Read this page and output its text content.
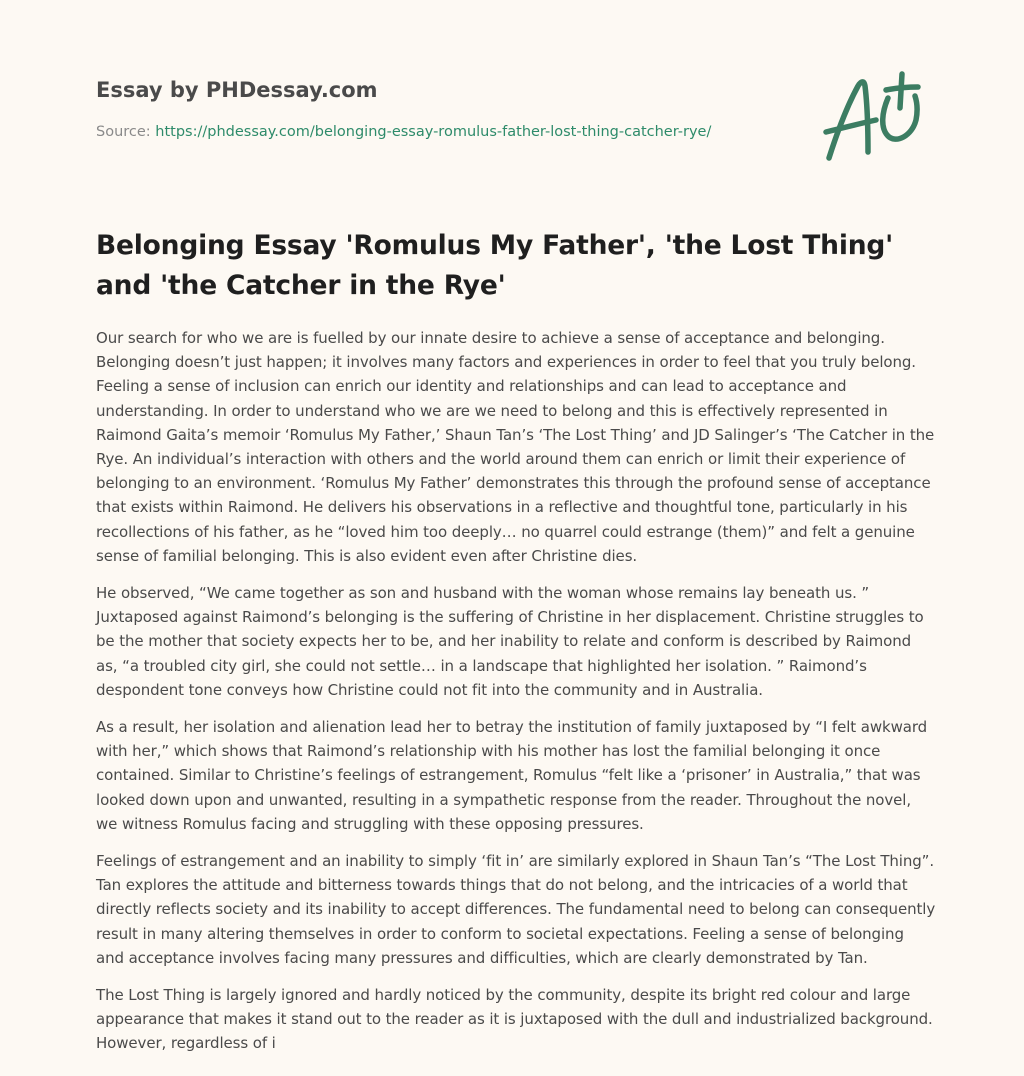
Essay by PHDessay.com
Source: https://phdessay.com/belonging-essay-romulus-father-lost-thing-catcher-rye/
Belonging Essay 'Romulus My Father', 'the Lost Thing' and 'the Catcher in the Rye'

Our search for who we are is fuelled by our innate desire to achieve a sense of acceptance and belonging. Belonging doesn’t just happen; it involves many factors and experiences in order to feel that you truly belong. Feeling a sense of inclusion can enrich our identity and relationships and can lead to acceptance and understanding. In order to understand who we are we need to belong and this is effectively represented in Raimond Gaita’s memoir ‘Romulus My Father,’ Shaun Tan’s ‘The Lost Thing’ and JD Salinger’s ‘The Catcher in the Rye. An individual’s interaction with others and the world around them can enrich or limit their experience of belonging to an environment. ‘Romulus My Father’ demonstrates this through the profound sense of acceptance that exists within Raimond. He delivers his observations in a reflective and thoughtful tone, particularly in his recollections of his father, as he “loved him too deeply… no quarrel could estrange (them)” and felt a genuine sense of familial belonging. This is also evident even after Christine dies.

He observed, “We came together as son and husband with the woman whose remains lay beneath us. ” Juxtaposed against Raimond’s belonging is the suffering of Christine in her displacement. Christine struggles to be the mother that society expects her to be, and her inability to relate and conform is described by Raimond as, “a troubled city girl, she could not settle… in a landscape that highlighted her isolation. ” Raimond’s despondent tone conveys how Christine could not fit into the community and in Australia.

As a result, her isolation and alienation lead her to betray the institution of family juxtaposed by “I felt awkward with her,” which shows that Raimond’s relationship with his mother has lost the familial belonging it once contained. Similar to Christine’s feelings of estrangement, Romulus “felt like a ‘prisoner’ in Australia,” that was looked down upon and unwanted, resulting in a sympathetic response from the reader. Throughout the novel, we witness Romulus facing and struggling with these opposing pressures.

Feelings of estrangement and an inability to simply ‘fit in’ are similarly explored in Shaun Tan’s “The Lost Thing”. Tan explores the attitude and bitterness towards things that do not belong, and the intricacies of a world that directly reflects society and its inability to accept differences. The fundamental need to belong can consequently result in many altering themselves in order to conform to societal expectations. Feeling a sense of belonging and acceptance involves facing many pressures and difficulties, which are clearly demonstrated by Tan.

The Lost Thing is largely ignored and hardly noticed by the community, despite its bright red colour and large appearance that makes it stand out to the reader as it is juxtaposed with the dull and industrialized background. However, regardless of i
